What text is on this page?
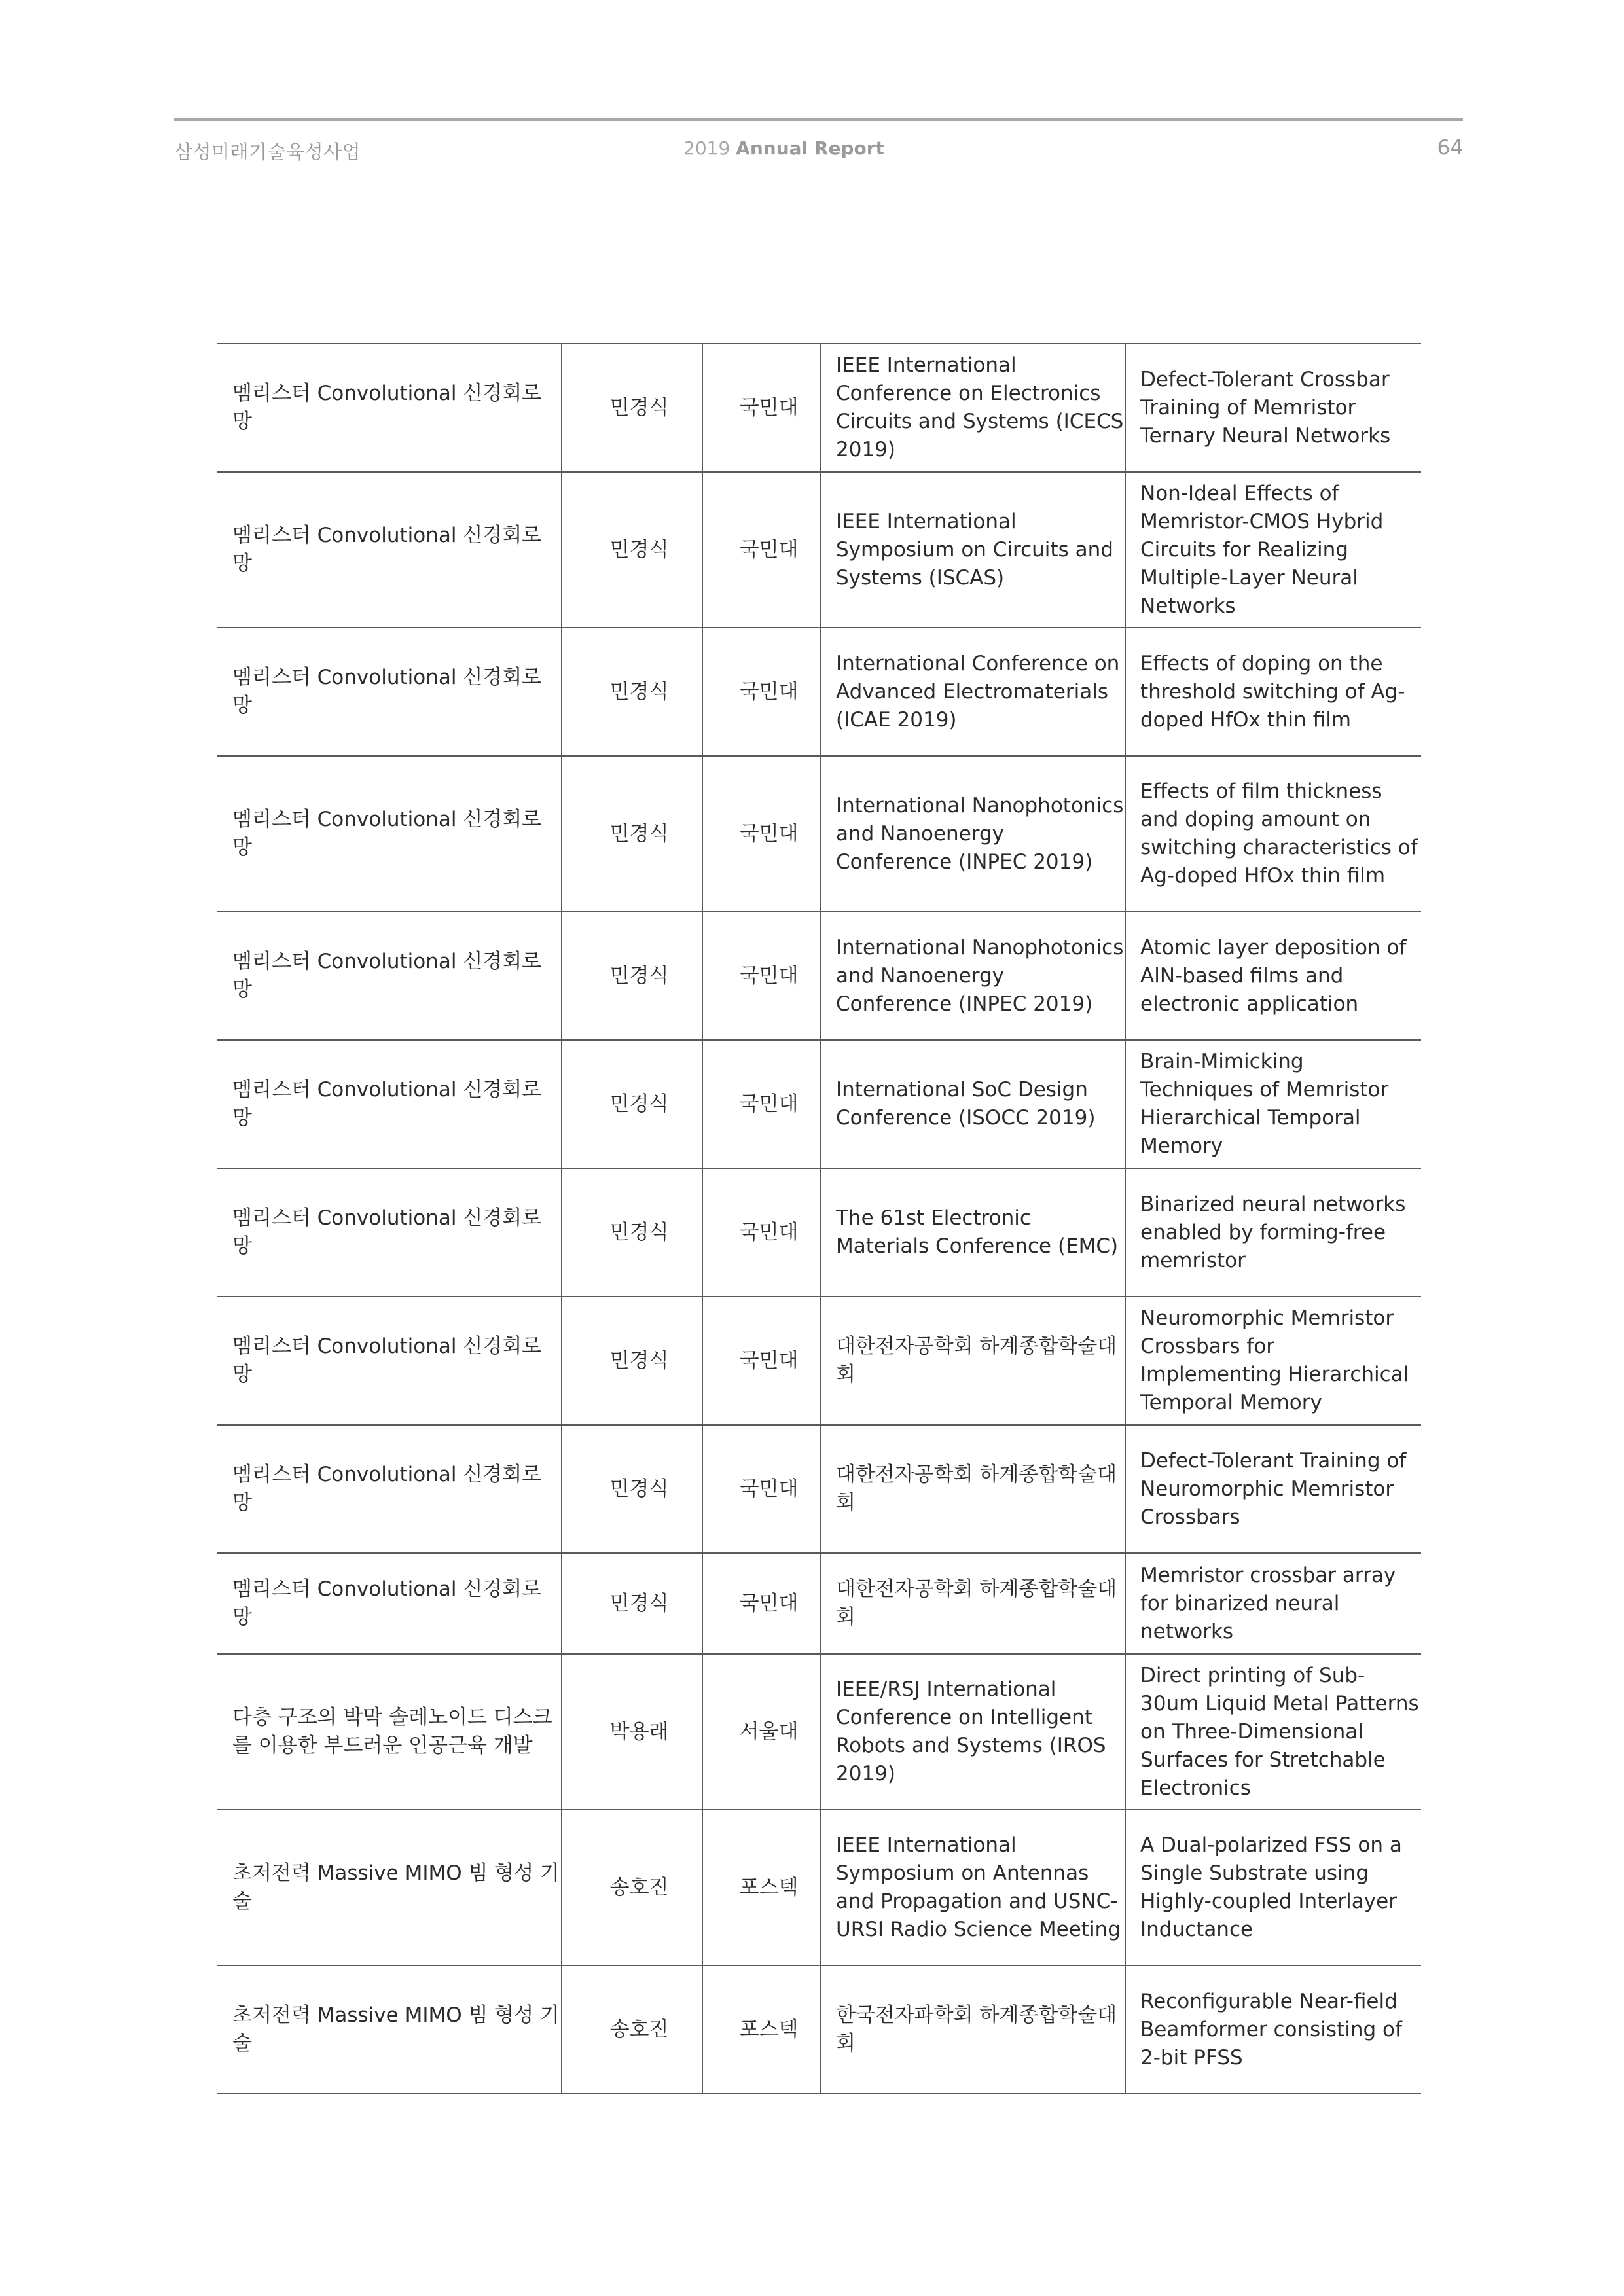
삼성미래기술육성사업	2019 Annual Report	64
멤리스터 Convolutional 신경회로망	민경식	국민대	IEEE International Conference on Electronics Circuits and Systems (ICECS 2019)	Defect-Tolerant Crossbar Training of Memristor Ternary Neural Networks
멤리스터 Convolutional 신경회로망	민경식	국민대	IEEE International Symposium on Circuits and Systems (ISCAS)	Non-Ideal Effects of Memristor-CMOS Hybrid Circuits for Realizing Multiple-Layer Neural Networks
멤리스터 Convolutional 신경회로망	민경식	국민대	International Conference on Advanced Electromaterials (ICAE 2019)	Effects of doping on the threshold switching of Ag-doped HfOx thin film
멤리스터 Convolutional 신경회로망	민경식	국민대	International Nanophotonics and Nanoenergy Conference (INPEC 2019)	Effects of film thickness and doping amount on switching characteristics of Ag-doped HfOx thin film
멤리스터 Convolutional 신경회로망	민경식	국민대	International Nanophotonics and Nanoenergy Conference (INPEC 2019)	Atomic layer deposition of AlN-based films and electronic application
멤리스터 Convolutional 신경회로망	민경식	국민대	International SoC Design Conference (ISOCC 2019)	Brain-Mimicking Techniques of Memristor Hierarchical Temporal Memory
멤리스터 Convolutional 신경회로망	민경식	국민대	The 61st Electronic Materials Conference (EMC)	Binarized neural networks enabled by forming-free memristor
멤리스터 Convolutional 신경회로망	민경식	국민대	대한전자공학회 하계종합학술대회	Neuromorphic Memristor Crossbars for Implementing Hierarchical Temporal Memory
멤리스터 Convolutional 신경회로망	민경식	국민대	대한전자공학회 하계종합학술대회	Defect-Tolerant Training of Neuromorphic Memristor Crossbars
멤리스터 Convolutional 신경회로망	민경식	국민대	대한전자공학회 하계종합학술대회	Memristor crossbar array for binarized neural networks
다층 구조의 박막 솔레노이드 디스크를 이용한 부드러운 인공근육 개발	박용래	서울대	IEEE/RSJ International Conference on Intelligent Robots and Systems (IROS 2019)	Direct printing of Sub-30um Liquid Metal Patterns on Three-Dimensional Surfaces for Stretchable Electronics
초저전력 Massive MIMO 빔 형성 기술	송호진	포스텍	IEEE International Symposium on Antennas and Propagation and USNC-URSI Radio Science Meeting	A Dual-polarized FSS on a Single Substrate using Highly-coupled Interlayer Inductance
초저전력 Massive MIMO 빔 형성 기술	송호진	포스텍	한국전자파학회 하계종합학술대회	Reconfigurable Near-field Beamformer consisting of 2-bit PFSS
